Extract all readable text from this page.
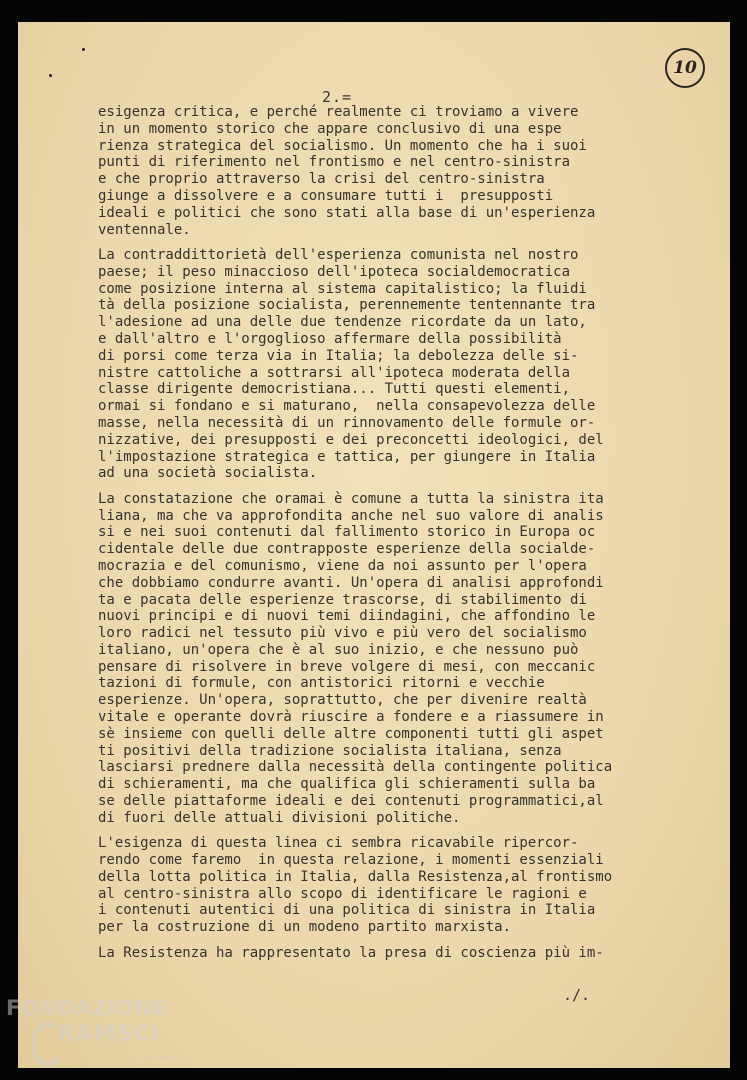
10
2.=
esigenza critica, e perché realmente ci troviamo a vivere
in un momento storico che appare conclusivo di una espe
rienza strategica del socialismo. Un momento che ha i suoi
punti di riferimento nel frontismo e nel centro-sinistra
e che proprio attraverso la crisi del centro-sinistra
giunge a dissolvere e a consumare tutti i  presupposti
ideali e politici che sono stati alla base di un'esperienza
ventennale.
La contraddittorietà dell'esperienza comunista nel nostro
paese; il peso minaccioso dell'ipoteca socialdemocratica
come posizione interna al sistema capitalistico; la fluidi
tà della posizione socialista, perennemente tentennante tra
l'adesione ad una delle due tendenze ricordate da un lato,
e dall'altro e l'orgoglioso affermare della possibilità
di porsi come terza via in Italia; la debolezza delle si-
nistre cattoliche a sottrarsi all'ipoteca moderata della
classe dirigente democristiana... Tutti questi elementi,
ormai si fondano e si maturano,  nella consapevolezza delle
masse, nella necessità di un rinnovamento delle formule or-
nizzative, dei presupposti e dei preconcetti ideologici, del
l'impostazione strategica e tattica, per giungere in Italia
ad una società socialista.
La constatazione che oramai è comune a tutta la sinistra ita
liana, ma che va approfondita anche nel suo valore di analis
si e nei suoi contenuti dal fallimento storico in Europa oc
cidentale delle due contrapposte esperienze della socialde-
mocrazia e del comunismo, viene da noi assunto per l'opera
che dobbiamo condurre avanti. Un'opera di analisi approfondi
ta e pacata delle esperienze trascorse, di stabilimento di
nuovi principi e di nuovi temi diindagini, che affondino le
loro radici nel tessuto più vivo e più vero del socialismo
italiano, un'opera che è al suo inizio, e che nessuno può
pensare di risolvere in breve volgere di mesi, con meccanic
tazioni di formule, con antistorici ritorni e vecchie
esperienze. Un'opera, soprattutto, che per divenire realtà
vitale e operante dovrà riuscire a fondere e a riassumere in
sè insieme con quelli delle altre componenti tutti gli aspet
ti positivi della tradizione socialista italiana, senza
lasciarsi prednere dalla necessità della contingente politica
di schieramenti, ma che qualifica gli schieramenti sulla ba
se delle piattaforme ideali e dei contenuti programmatici,al
di fuori delle attuali divisioni politiche.
L'esigenza di questa linea ci sembra ricavabile ripercor-
rendo come faremo  in questa relazione, i momenti essenziali
della lotta politica in Italia, dalla Resistenza,al frontismo
al centro-sinistra allo scopo di identificare le ragioni e
i contenuti autentici di una politica di sinistra in Italia
per la costruzione di un modeno partito marxista.
La Resistenza ha rappresentato la presa di coscienza più im-
./.
FONDAZIONE
RAMSCI
onlus
